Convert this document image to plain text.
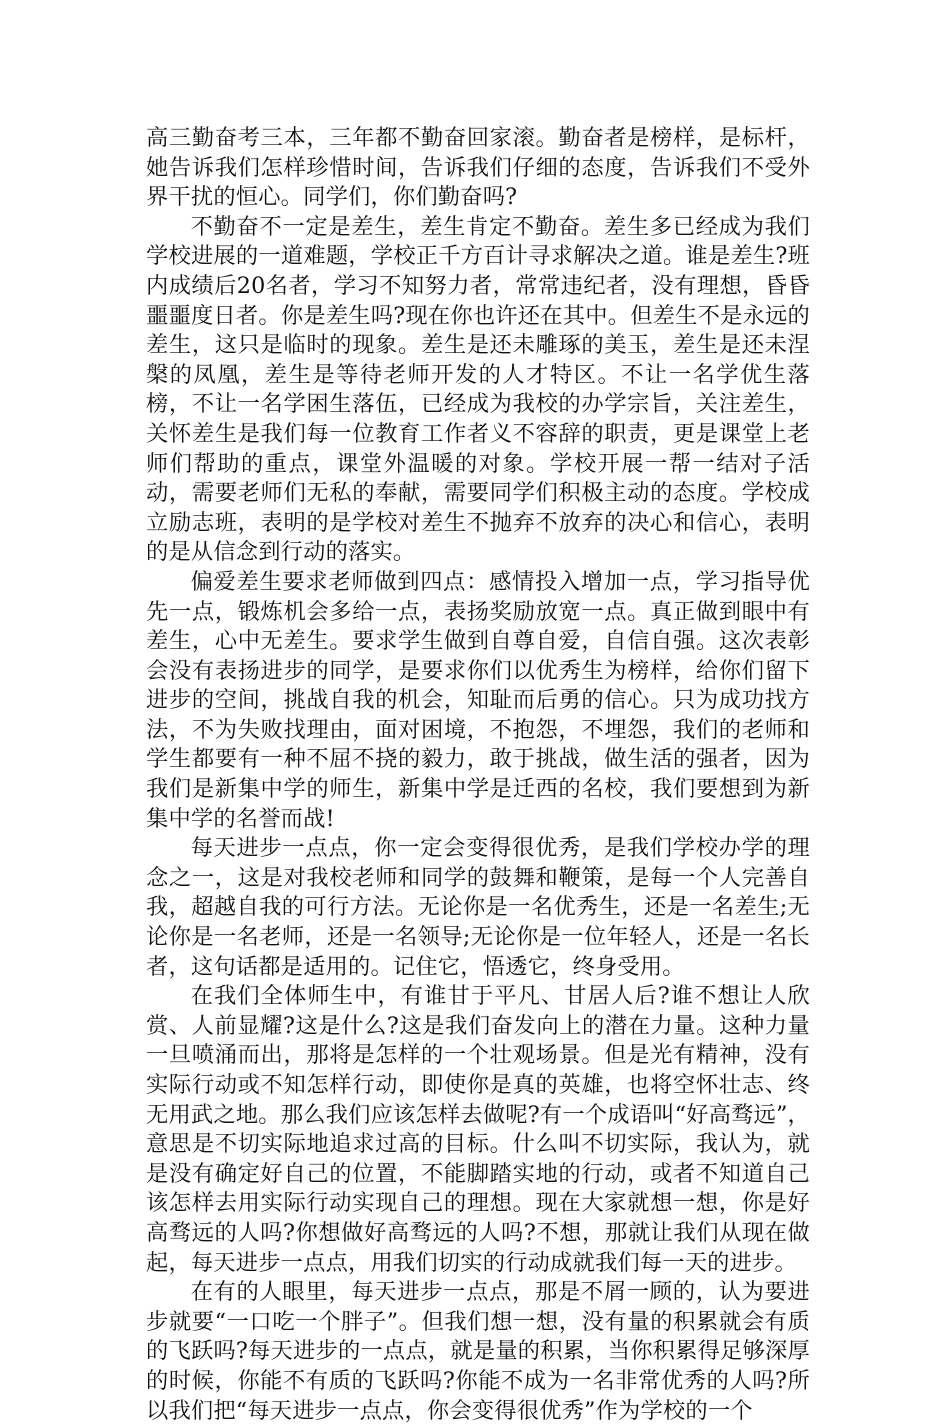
高三勤奋考三本，三年都不勤奋回家滚。勤奋者是榜样，是标杆，她告诉我们怎样珍惜时间，告诉我们仔细的态度，告诉我们不受外界干扰的恒心。同学们，你们勤奋吗?

不勤奋不一定是差生，差生肯定不勤奋。差生多已经成为我们学校进展的一道难题，学校正千方百计寻求解决之道。谁是差生?班内成绩后20名者，学习不知努力者，常常违纪者，没有理想，昏昏噩噩度日者。你是差生吗?现在你也许还在其中。但差生不是永远的差生，这只是临时的现象。差生是还未雕琢的美玉，差生是还未涅槃的凤凰，差生是等待老师开发的人才特区。不让一名学优生落榜，不让一名学困生落伍，已经成为我校的办学宗旨，关注差生，关怀差生是我们每一位教育工作者义不容辞的职责，更是课堂上老师们帮助的重点，课堂外温暖的对象。学校开展一帮一结对子活动，需要老师们无私的奉献，需要同学们积极主动的态度。学校成立励志班，表明的是学校对差生不抛弃不放弃的决心和信心，表明的是从信念到行动的落实。

偏爱差生要求老师做到四点：感情投入增加一点，学习指导优先一点，锻炼机会多给一点，表扬奖励放宽一点。真正做到眼中有差生，心中无差生。要求学生做到自尊自爱，自信自强。这次表彰会没有表扬进步的同学，是要求你们以优秀生为榜样，给你们留下进步的空间，挑战自我的机会，知耻而后勇的信心。只为成功找方法，不为失败找理由，面对困境，不抱怨，不埋怨，我们的老师和学生都要有一种不屈不挠的毅力，敢于挑战，做生活的强者，因为我们是新集中学的师生，新集中学是迁西的名校，我们要想到为新集中学的名誉而战!

每天进步一点点，你一定会变得很优秀，是我们学校办学的理念之一，这是对我校老师和同学的鼓舞和鞭策，是每一个人完善自我，超越自我的可行方法。无论你是一名优秀生，还是一名差生;无论你是一名老师，还是一名领导;无论你是一位年轻人，还是一名长者，这句话都是适用的。记住它，悟透它，终身受用。

在我们全体师生中，有谁甘于平凡、甘居人后?谁不想让人欣赏、人前显耀?这是什么?这是我们奋发向上的潜在力量。这种力量一旦喷涌而出，那将是怎样的一个壮观场景。但是光有精神，没有实际行动或不知怎样行动，即使你是真的英雄，也将空怀壮志、终无用武之地。那么我们应该怎样去做呢?有一个成语叫“好高骛远”，意思是不切实际地追求过高的目标。什么叫不切实际，我认为，就是没有确定好自己的位置，不能脚踏实地的行动，或者不知道自己该怎样去用实际行动实现自己的理想。现在大家就想一想，你是好高骛远的人吗?你想做好高骛远的人吗?不想，那就让我们从现在做起，每天进步一点点，用我们切实的行动成就我们每一天的进步。

在有的人眼里，每天进步一点点，那是不屑一顾的，认为要进步就要“一口吃一个胖子”。但我们想一想，没有量的积累就会有质的飞跃吗?每天进步的一点点，就是量的积累，当你积累得足够深厚的时候，你能不有质的飞跃吗?你能不成为一名非常优秀的人吗?所以我们把“每天进步一点点，你会变得很优秀”作为学校的一个
